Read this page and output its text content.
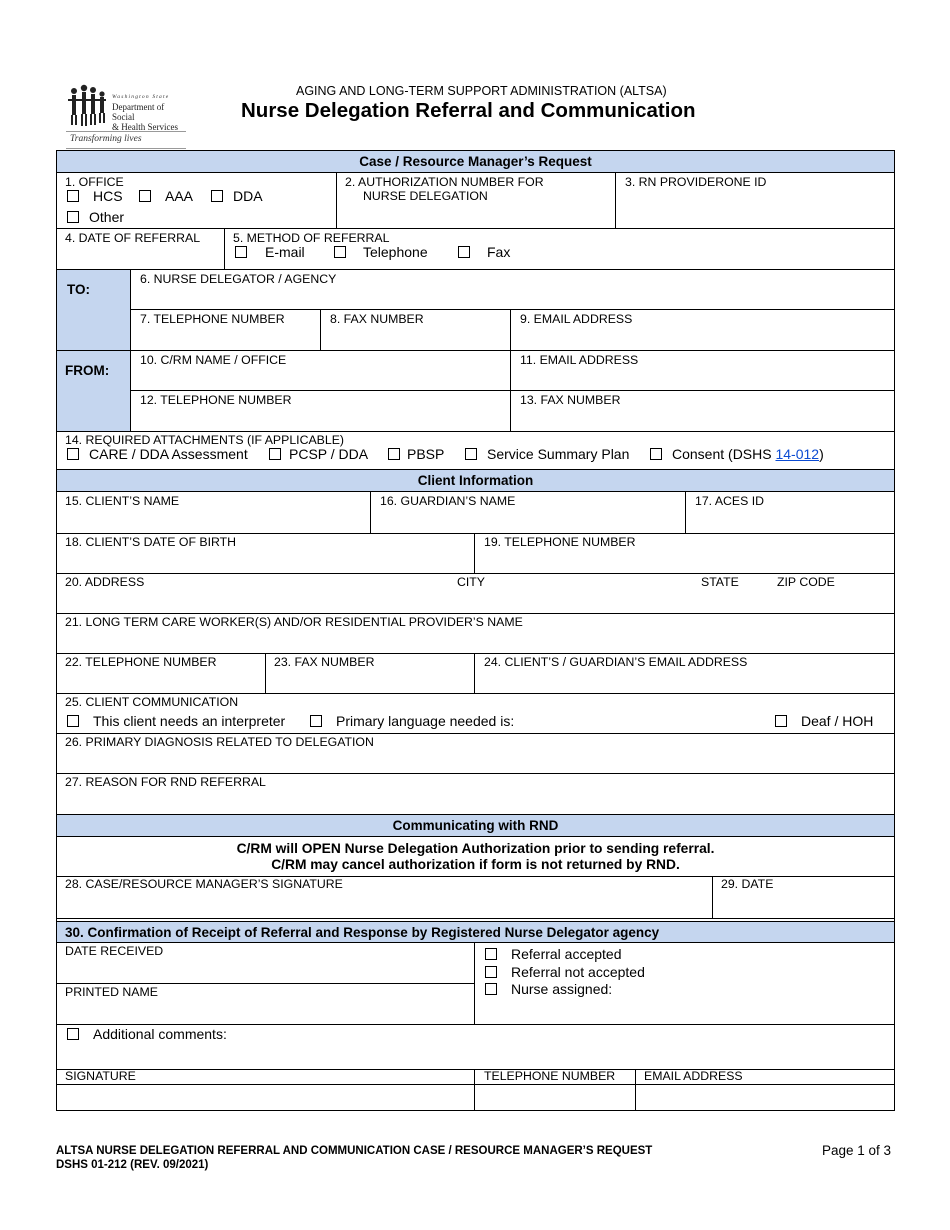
Washington State
Department of Social
& Health Services
Transforming lives
AGING AND LONG-TERM SUPPORT ADMINISTRATION (ALTSA)
Nurse Delegation Referral and Communication
Case / Resource Manager’s Request
1. OFFICE
HCS	AAA	DDA
Other
2. AUTHORIZATION NUMBER FOR
NURSE DELEGATION
3. RN PROVIDERONE ID
4. DATE OF REFERRAL	5. METHOD OF REFERRAL
E-mail	Telephone	Fax
TO:
6. NURSE DELEGATOR / AGENCY
7. TELEPHONE NUMBER	8. FAX NUMBER	9. EMAIL ADDRESS
FROM:
10. C/RM NAME / OFFICE	11. EMAIL ADDRESS
12. TELEPHONE NUMBER	13. FAX NUMBER
14. REQUIRED ATTACHMENTS (IF APPLICABLE)
CARE / DDA Assessment	PCSP / DDA	PBSP	Service Summary Plan	Consent (DSHS 14-012)
Client Information
15. CLIENT’S NAME	16. GUARDIAN’S NAME	17. ACES ID
18. CLIENT’S DATE OF BIRTH	19. TELEPHONE NUMBER
20. ADDRESS	CITY	STATE	ZIP CODE
21. LONG TERM CARE WORKER(S) AND/OR RESIDENTIAL PROVIDER’S NAME
22. TELEPHONE NUMBER	23. FAX NUMBER	24. CLIENT’S / GUARDIAN’S EMAIL ADDRESS
25. CLIENT COMMUNICATION
This client needs an interpreter	Primary language needed is:	Deaf / HOH
26. PRIMARY DIAGNOSIS RELATED TO DELEGATION
27. REASON FOR RND REFERRAL
Communicating with RND
C/RM will OPEN Nurse Delegation Authorization prior to sending referral.
C/RM may cancel authorization if form is not returned by RND.
28. CASE/RESOURCE MANAGER’S SIGNATURE	29. DATE
30. Confirmation of Receipt of Referral and Response by Registered Nurse Delegator agency
DATE RECEIVED
PRINTED NAME
Referral accepted
Referral not accepted
Nurse assigned:
Additional comments:
SIGNATURE	TELEPHONE NUMBER EMAIL ADDRESS
ALTSA NURSE DELEGATION REFERRAL AND COMMUNICATION CASE / RESOURCE MANAGER’S REQUEST
DSHS 01-212 (REV. 09/2021)
Page 1 of 3
